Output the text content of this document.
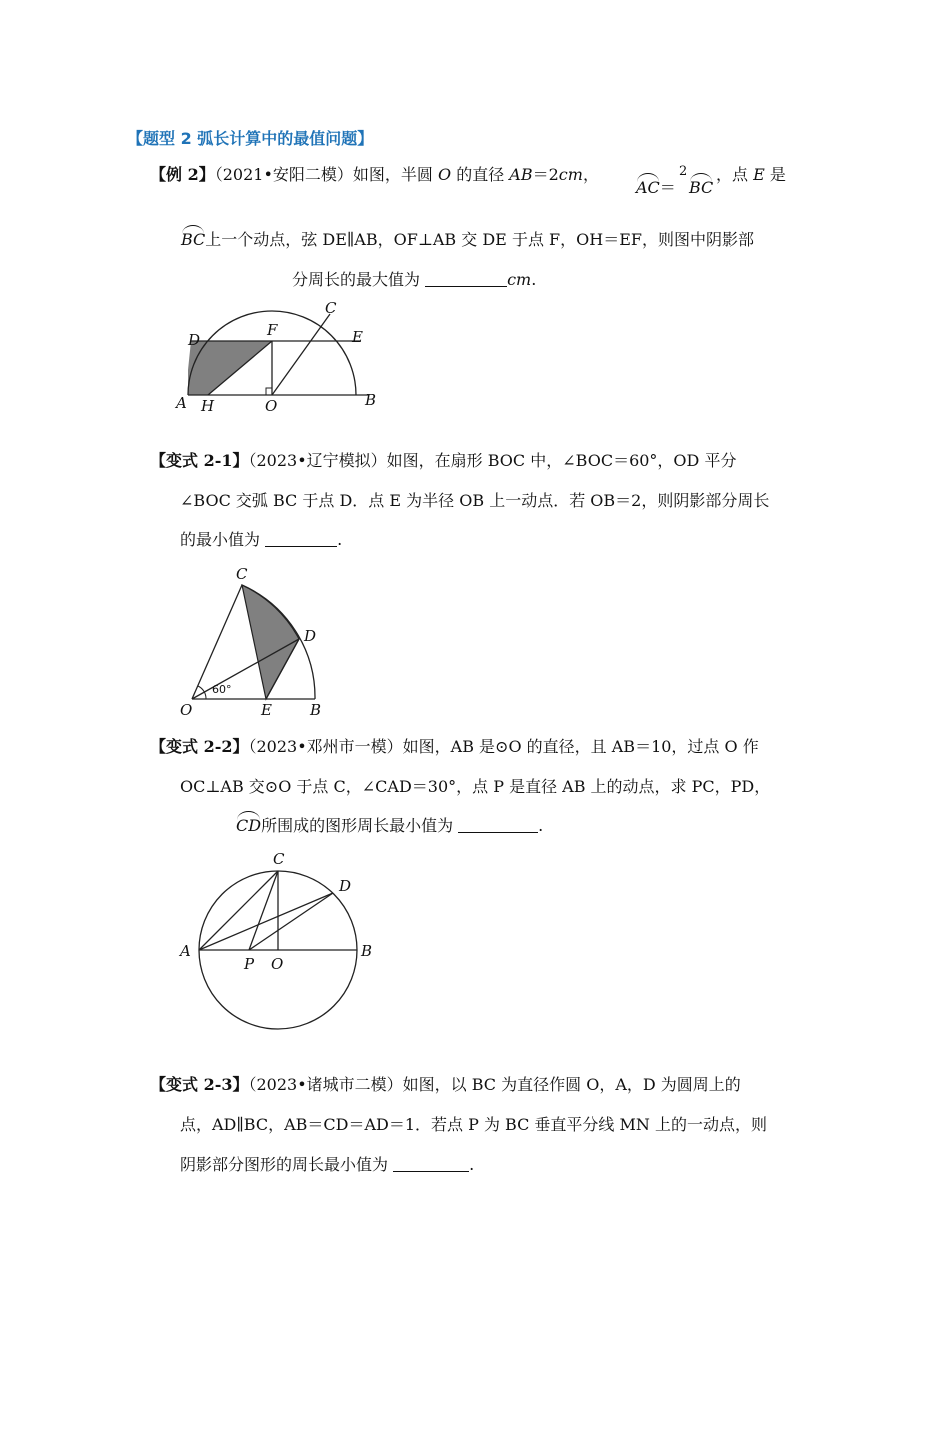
【题型 2 弧长计算中的最值问题】
【例 2】（2021•安阳二模）如图，半圆 O 的直径 AB＝2cm，
AC＝
2
BC
，点 E 是
BC上一个动点，弦 DE∥AB，OF⊥AB 交 DE 于点 F，OH＝EF，则图中阴影部
分周长的最大值为	cm.
D
F
C
E
A H	O	B
【变式 2-1】（2023•辽宁模拟）如图，在扇形 BOC 中，∠BOC＝60°，OD 平分
∠BOC 交弧 BC 于点 D．点 E 为半径 OB 上一动点．若 OB＝2，则阴影部分周长
的最小值为	.
60°
C
D
O	E	B
【变式 2-2】（2023•邓州市一模）如图，AB 是⊙O 的直径，且 AB＝10，过点 O 作
OC⊥AB 交⊙O 于点 C，∠CAD＝30°，点 P 是直径 AB 上的动点，求 PC，PD，
CD所围成的图形周长最小值为	.
C
D
A
P O
B
【变式 2-3】（2023•诸城市二模）如图，以 BC 为直径作圆 O，A，D 为圆周上的
点，AD∥BC，AB＝CD＝AD＝1．若点 P 为 BC 垂直平分线 MN 上的一动点，则
阴影部分图形的周长最小值为	.
